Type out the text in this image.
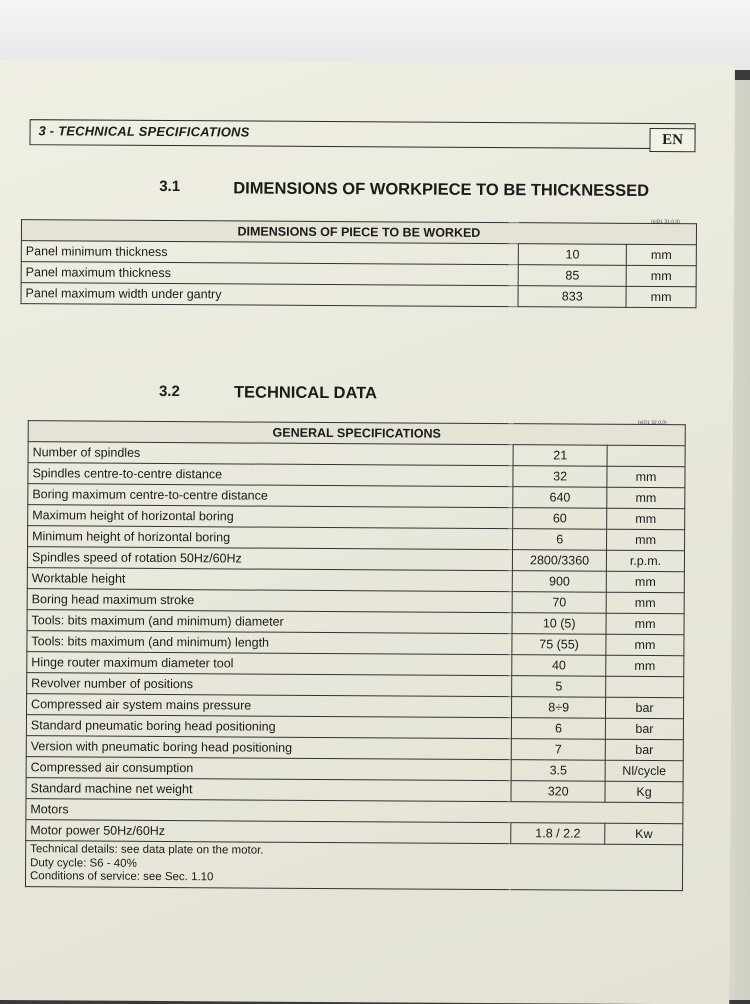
3 - TECHNICAL SPECIFICATIONS
EN
3.1	DIMENSIONS OF WORKPIECE TO BE THICKNESSED
(eiD1 31.0.0)
DIMENSIONS OF PIECE TO BE WORKED		
Panel minimum thickness	10	mm
Panel maximum thickness	85	mm
Panel maximum width under gantry	833	mm
3.2	TECHNICAL DATA
(eiD1 32.0.0)
GENERAL SPECIFICATIONS		
Number of spindles	21	
Spindles centre-to-centre distance	32	mm
Boring maximum centre-to-centre distance	640	mm
Maximum height of horizontal boring	60	mm
Minimum height of horizontal boring	6	mm
Spindles speed of rotation 50Hz/60Hz	2800/3360	r.p.m.
Worktable height	900	mm
Boring head maximum stroke	70	mm
Tools: bits maximum (and minimum) diameter	10 (5)	mm
Tools: bits maximum (and minimum) length	75 (55)	mm
Hinge router maximum diameter tool	40	mm
Revolver number of positions	5	
Compressed air system mains pressure	8÷9	bar
Standard pneumatic boring head positioning	6	bar
Version with pneumatic boring head positioning	7	bar
Compressed air consumption	3.5	Nl/cycle
Standard machine net weight	320	Kg
Motors		
Motor power 50Hz/60Hz	1.8 / 2.2	Kw

Technical details: see data plate on the motor.
Duty cycle: S6 - 40%
Conditions of service: see Sec. 1.10		
